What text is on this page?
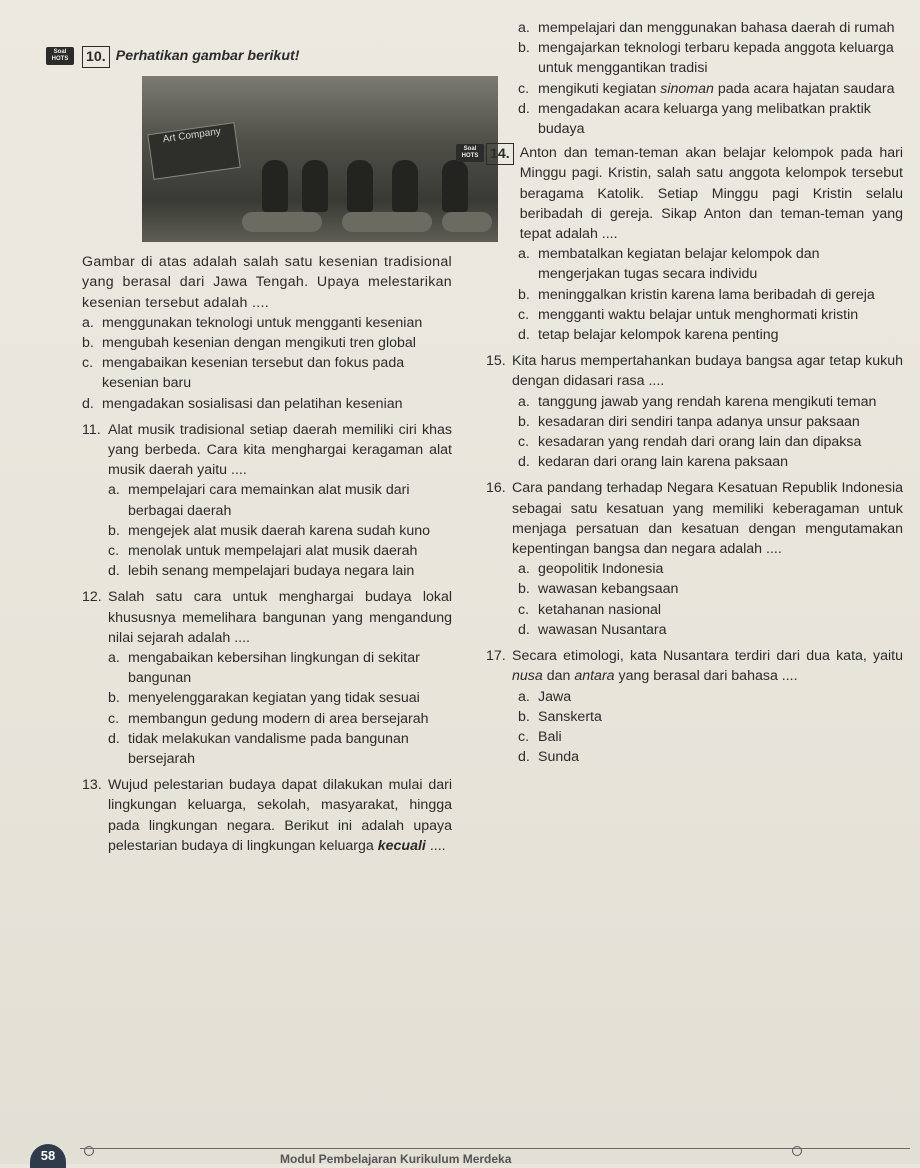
Soal HOTS	10. Perhatikan gambar berikut!
Art Company
Gambar di atas adalah salah satu kesenian tradisional yang berasal dari Jawa Tengah. Upaya melestarikan kesenian tersebut adalah ....
a. menggunakan teknologi untuk mengganti kesenian
b. mengubah kesenian dengan mengikuti tren global
c. mengabaikan kesenian tersebut dan fokus pada kesenian baru
d. mengadakan sosialisasi dan pelatihan kesenian
11. Alat musik tradisional setiap daerah memiliki ciri khas yang berbeda. Cara kita menghargai keragaman alat musik daerah yaitu ....
a. mempelajari cara memainkan alat musik dari berbagai daerah
b. mengejek alat musik daerah karena sudah kuno
c. menolak untuk mempelajari alat musik daerah
d. lebih senang mempelajari budaya negara lain
12. Salah satu cara untuk menghargai budaya lokal khususnya memelihara bangunan yang mengandung nilai sejarah adalah ....
a. mengabaikan kebersihan lingkungan di sekitar bangunan
b. menyelenggarakan kegiatan yang tidak sesuai
c. membangun gedung modern di area bersejarah
d. tidak melakukan vandalisme pada bangunan bersejarah
13. Wujud pelestarian budaya dapat dilakukan mulai dari lingkungan keluarga, sekolah, masyarakat, hingga pada lingkungan negara. Berikut ini adalah upaya pelestarian budaya di lingkungan keluarga kecuali ....
a. mempelajari dan menggunakan bahasa daerah di rumah
b. mengajarkan teknologi terbaru kepada anggota keluarga untuk menggantikan tradisi
c. mengikuti kegiatan sinoman pada acara hajatan saudara
d. mengadakan acara keluarga yang melibatkan praktik budaya
Soal HOTS 14. Anton dan teman-teman akan belajar kelompok pada hari Minggu pagi. Kristin, salah satu anggota kelompok tersebut beragama Katolik. Setiap Minggu pagi Kristin selalu beribadah di gereja. Sikap Anton dan teman-teman yang tepat adalah ....
a. membatalkan kegiatan belajar kelompok dan mengerjakan tugas secara individu
b. meninggalkan kristin karena lama beribadah di gereja
c. mengganti waktu belajar untuk menghormati kristin
d. tetap belajar kelompok karena penting
15. Kita harus mempertahankan budaya bangsa agar tetap kukuh dengan didasari rasa ....
a. tanggung jawab yang rendah karena mengikuti teman
b. kesadaran diri sendiri tanpa adanya unsur paksaan
c. kesadaran yang rendah dari orang lain dan dipaksa
d. kedaran dari orang lain karena paksaan
16. Cara pandang terhadap Negara Kesatuan Republik Indonesia sebagai satu kesatuan yang memiliki keberagaman untuk menjaga persatuan dan kesatuan dengan mengutamakan kepentingan bangsa dan negara adalah ....
a. geopolitik Indonesia
b. wawasan kebangsaan
c. ketahanan nasional
d. wawasan Nusantara
17. Secara etimologi, kata Nusantara terdiri dari dua kata, yaitu nusa dan antara yang berasal dari bahasa ....
a. Jawa
b. Sanskerta
c. Bali
d. Sunda
58	Modul Pembelajaran Kurikulum Merdeka
